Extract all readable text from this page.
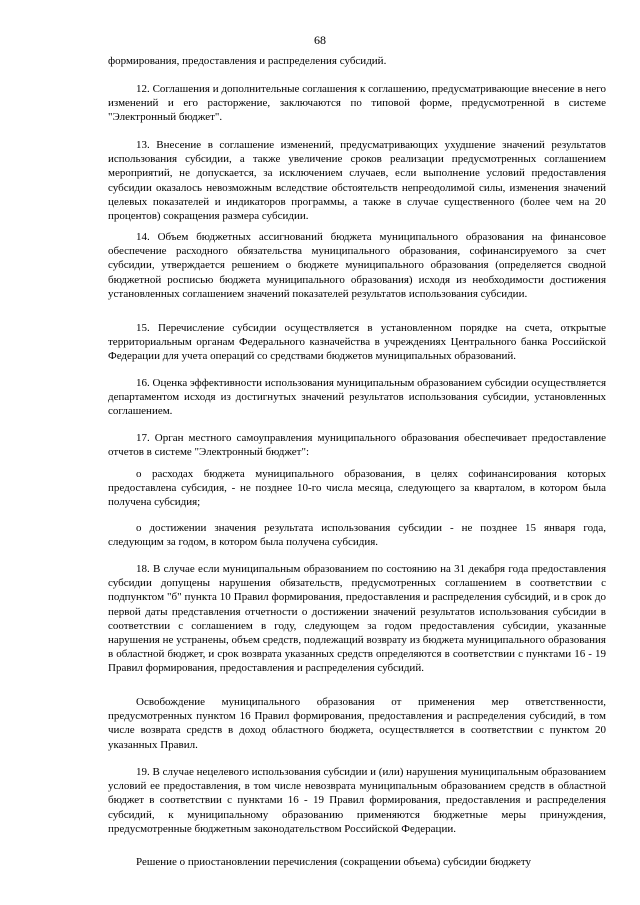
68

формирования, предоставления и распределения субсидий.

12. Соглашения и дополнительные соглашения к соглашению, предусматривающие внесение в него изменений и его расторжение, заключаются по типовой форме, предусмотренной в системе "Электронный бюджет".

13. Внесение в соглашение изменений, предусматривающих ухудшение значений результатов использования субсидии, а также увеличение сроков реализации предусмотренных соглашением мероприятий, не допускается, за исключением случаев, если выполнение условий предоставления субсидии оказалось невозможным вследствие обстоятельств непреодолимой силы, изменения значений целевых показателей и индикаторов программы, а также в случае существенного (более чем на 20 процентов) сокращения размера субсидии.

14. Объем бюджетных ассигнований бюджета муниципального образования на финансовое обеспечение расходного обязательства муниципального образования, софинансируемого за счет субсидии, утверждается решением о бюджете муниципального образования (определяется сводной бюджетной росписью бюджета муниципального образования) исходя из необходимости достижения установленных соглашением значений показателей результатов использования субсидии.

15. Перечисление субсидии осуществляется в установленном порядке на счета, открытые территориальным органам Федерального казначейства в учреждениях Центрального банка Российской Федерации для учета операций со средствами бюджетов муниципальных образований.

16. Оценка эффективности использования муниципальным образованием субсидии осуществляется департаментом исходя из достигнутых значений результатов использования субсидии, установленных соглашением.

17. Орган местного самоуправления муниципального образования обеспечивает предоставление отчетов в системе "Электронный бюджет":

о расходах бюджета муниципального образования, в целях софинансирования которых предоставлена субсидия, - не позднее 10-го числа месяца, следующего за кварталом, в котором была получена субсидия;

о достижении значения результата использования субсидии - не позднее 15 января года, следующим за годом, в котором была получена субсидия.

18. В случае если муниципальным образованием по состоянию на 31 декабря года предоставления субсидии допущены нарушения обязательств, предусмотренных соглашением в соответствии с подпунктом "б" пункта 10 Правил формирования, предоставления и распределения субсидий, и в срок до первой даты представления отчетности о достижении значений результатов использования субсидии в соответствии с соглашением в году, следующем за годом предоставления субсидии, указанные нарушения не устранены, объем средств, подлежащий возврату из бюджета муниципального образования в областной бюджет, и срок возврата указанных средств определяются в соответствии с пунктами 16 - 19 Правил формирования, предоставления и распределения субсидий.

Освобождение муниципального образования от применения мер ответственности, предусмотренных пунктом 16 Правил формирования, предоставления и распределения субсидий, в том числе возврата средств в доход областного бюджета, осуществляется в соответствии с пунктом 20 указанных Правил.

19. В случае нецелевого использования субсидии и (или) нарушения муниципальным образованием условий ее предоставления, в том числе невозврата муниципальным образованием средств в областной бюджет в соответствии с пунктами 16 - 19 Правил формирования, предоставления и распределения субсидий, к муниципальному образованию применяются бюджетные меры принуждения, предусмотренные бюджетным законодательством Российской Федерации.

Решение о приостановлении перечисления (сокращении объема) субсидии бюджету
